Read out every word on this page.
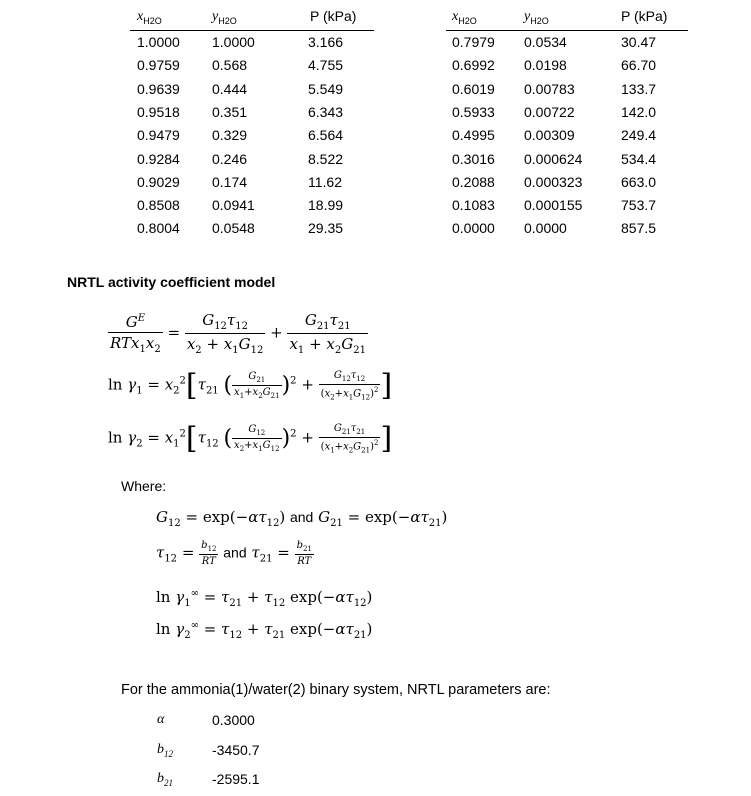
$x_{H2O}$	$y_{H2O}$	P (kPa)
1.0000 1.0000	3.166
0.9759 0.568	4.755
0.9639 0.444	5.549
0.9518 0.351	6.343
0.9479 0.329	6.564
0.9284 0.246	8.522
0.9029 0.174	11.62
0.8508 0.0941	18.99
0.8004 0.0548	29.35
$x_{H2O}$	$y_{H2O}$	P (kPa)
0.7979 0.0534	30.47
0.6992 0.0198	66.70
0.6019 0.00783	133.7
0.5933 0.00722	142.0
0.4995 0.00309	249.4
0.3016 0.000624	534.4
0.2088 0.000323	663.0
0.1083 0.000155	753.7
0.0000 0.0000	857.5
NRTL activity coefficient model
$\frac{G^E}{RTx_1x_2} = \frac{G_{12}\tau_{12}}{x_2 + x_1G_{12}} + \frac{G_{21}\tau_{21}}{x_1 + x_2G_{21}}$
$\ln \gamma_1 = x_2^2[\tau_{21}$ ( $\frac{G_{21}}{x_1+x_2G_{21}} )^2 + \frac{G_{12}\tau_{12}}{(x_2+x_1G_{12})^2}$ ]
$\ln \gamma_2 = x_1^2[\tau_{12}$ ( $\frac{G_{12}}{x_2+x_1G_{12}} )^2 + \frac{G_{21}\tau_{21}}{(x_1+x_2G_{21})^2}$ ]
Where:
$G_{12} = \exp(-\alpha\tau_{12})$ and $G_{21} = \exp(-\alpha\tau_{21})$
$\tau_{12} = \frac{b_{12}}{RT}$ and $\tau_{21} = \frac{b_{21}}{RT}$
$\ln \gamma_1^\infty = \tau_{21} + \tau_{12}$ $\exp(-\alpha\tau_{12})$
$\ln \gamma_2^\infty = \tau_{12} + \tau_{21}$ $\exp(-\alpha\tau_{21})$
For the ammonia(1)/water(2) binary system, NRTL parameters are:
α	0.3000
$b_{12}$	-3450.7
$b_{21}$	-2595.1
